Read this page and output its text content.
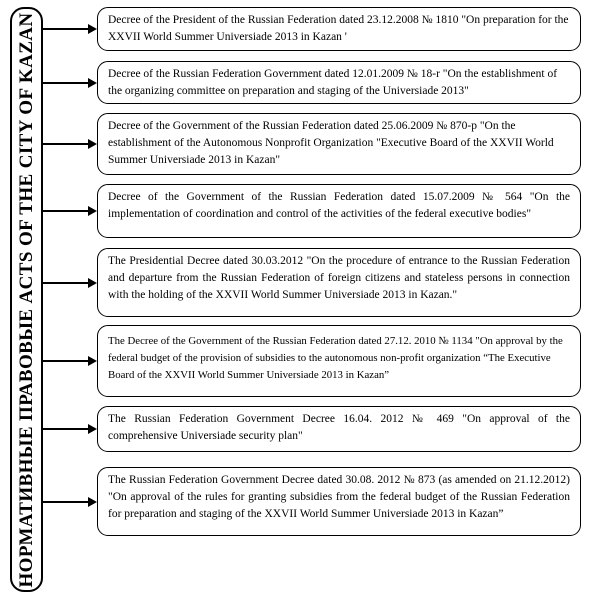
НОРМАТИВНЫЕ ПРАВОВЫЕ ACTS OF THE CITY OF KAZAN	Decree of the President of the Russian Federation dated 23.12.2008 № 1810 "On preparation for the XXVII World Summer Universiade 2013 in Kazan '

Decree of the Russian Federation Government dated 12.01.2009 № 18-r "On the establishment of the organizing committee on preparation and staging of the Universiade 2013"

Decree of the Government of the Russian Federation dated 25.06.2009 № 870-p "On the establishment of the Autonomous Nonprofit Organization "Executive Board of the XXVII World Summer Universiade 2013 in Kazan"

Decree of the Government of the Russian Federation dated 15.07.2009 № 564 "On the implementation of coordination and control of the activities of the federal executive bodies"

The Presidential Decree dated 30.03.2012 "On the procedure of entrance to the Russian Federation and departure from the Russian Federation of foreign citizens and stateless persons in connection with the holding of the XXVII World Summer Universiade 2013 in Kazan."

The Decree of the Government of the Russian Federation dated 27.12. 2010 № 1134 "On approval by the federal budget of the provision of subsidies to the autonomous non-profit organization “The Executive Board of the XXVII World Summer Universiade 2013 in Kazan”

The Russian Federation Government Decree 16.04. 2012 № 469 "On approval of the comprehensive Universiade security plan"

The Russian Federation Government Decree dated 30.08. 2012 № 873 (as amended on 21.12.2012) "On approval of the rules for granting subsidies from the federal budget of the Russian Federation for preparation and staging of the XXVII World Summer Universiade 2013 in Kazan”
